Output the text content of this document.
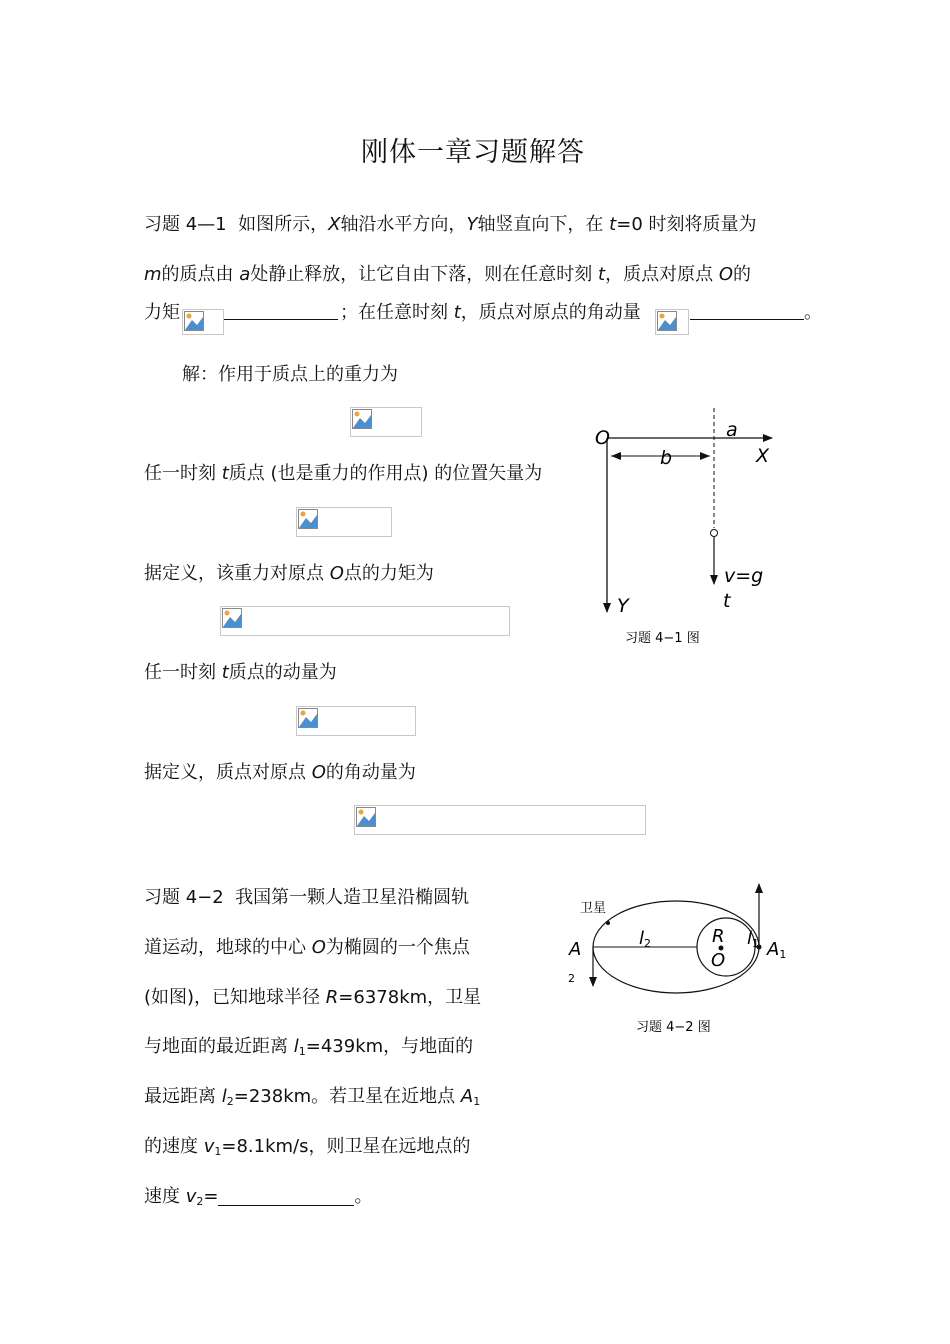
刚体一章习题解答
习题 4—1 如图所示，X轴沿水平方向，Y轴竖直向下，在 t=0 时刻将质量为
m的质点由 a处静止释放，让它自由下落，则在任意时刻 t，质点对原点 O的
力矩	；在任意时刻 t，质点对原点的角动量	。
解：作用于质点上的重力为
任一时刻 t质点 (也是重力的作用点) 的位置矢量为
据定义，该重力对原点 O点的力矩为
任一时刻 t质点的动量为
据定义，质点对原点 O的角动量为
O	a
b	X
Y
v=g
t
习题 4−1 图
习题 4−2 我国第一颗人造卫星沿椭圆轨
道运动，地球的中心 O为椭圆的一个焦点
(如图)，已知地球半径 R=6378km，卫星
与地面的最近距离 $l_1=439km$，与地面的
最远距离 $l_2=238km$。若卫星在近地点 $A_1$
的速度 $v_1=8.1km/s$，则卫星在远地点的
速度 $v_2=$	。
卫星
A
2
l2	R
O
l1 A1
习题 4−2 图
